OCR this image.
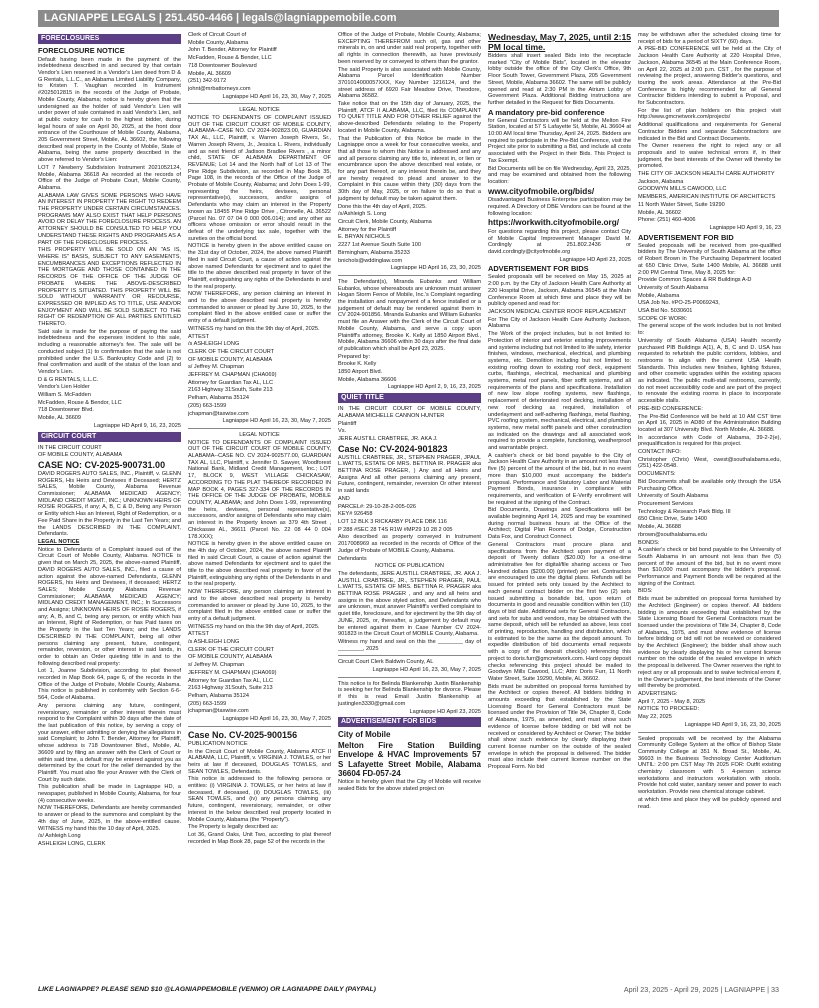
LAGNIAPPE LEGALS | 251.450-4466 | legals@lagniappemobile.com
FORECLOSURES

FORECLOSURE NOTICE

Default having been made in the payment of the indebtedness described in and secured by that certain Vendor's Lien reserved in a Vendor's Lien deed from D & G Rentals, L.L.C., an Alabama Limited Liability Company, to Kristen T. Vaughan recorded in Instrument #2025012815 in the records of the Judge of Probate, Mobile County, Alabama; notice is hereby given that the undersigned as the holder of said Vendor's Lien will under power of sale contained in said Vendor's Lien, sell at public outcry for cash to the highest bidder, during legal hours of sale on April 30, 2025, at the front door entrance of the Courthouse of Mobile County, Alabama, 205 Government Street, Mobile, AL 36602, the following described real property in the County of Mobile, State of Alabama, being the same property described in the above referred to Vendor's Lien:

LOT 7 Newberry Subdivision Instrument 2021052124, Mobile, Alabama 36618 As recorded at the records of Office of the Judge of Probate Court, Mobile County, Alabama.

ALABAMA LAW GIVES SOME PERSONS WHO HAVE AN INTEREST IN PROPERTY THE RIGHT TO REDEEM THE PROPERTY UNDER CERTAIN CIRCUMSTANCES. PROGRAMS MAY ALSO EXIST THAT HELP PERSONS AVOID OR DELAY THE FORECLOSURE PROCESS. AN ATTORNEY SHOULD BE CONSULTED TO HELP YOU UNDERSTAND THESE RIGHTS AND PROGRAMS AS A PART OF THE FORECLOSURE PROCESS.

THIS PROPERTY WILL BE SOLD ON AN "AS IS, WHERE IS" BASIS, SUBJECT TO ANY EASEMENTS, ENCUMBRANCES AND EXCEPTIONS REFLECTED IN THE MORTGAGE AND THOSE CONTAINED IN THE RECORDS OF THE OFFICE OF THE JUDGE OF PROBATE WHERE THE ABOVE-DESCRIBED PROPERTY IS SITUATED. THIS PROPERTY WILL BE SOLD WITHOUT WARRANTY OR RECOURSE, EXPRESSED OR IMPLIED AS TO TITLE, USE AND/OR ENJOYMENT AND WILL BE SOLD SUBJECT TO THE RIGHT OF REDEMPTION OF ALL PARTIES ENTITLED THERETO.

Said sale is made for the purpose of paying the said indebtedness and the expenses incident to this sale, including a reasonable attorney's fee. The sale will be conducted subject (1) to confirmation that the sale is not prohibited under the U.S. Bankruptcy Code and (2) to final confirmation and audit of the status of the loan and Vendor's Lien.

D & G RENTALS, L.L.C.

Vendor's Lien Holder

William S. McFadden

McFadden, Rouse & Bendor, LLC

718 Downtowner Blvd.

Mobile, AL 36609

Lagniappe HD April 9, 16, 23, 2025

CIRCUIT COURT

IN THE CIRCUIT COURT

OF MOBILE COUNTY, ALABAMA

CASE NO: CV-2025-900731.00

DAVID ROGERS AUTO SALES, INC., Plaintiff, v. GLENN ROGERS, His Heirs and Devisees if Deceased; HERTZ SALES, Mobile County, Alabama Revenue Commissioner; ALABAMA MEDICAID AGENCY; MIDLAND CREDIT MGMT., INC.; UNKNOWN HEIRS OF ROSIE ROGERS, if any; A, B, C & D, Being any Person or Entity which Has an Interest, Right of Redemption, or a Fee Paid Share in the Property in the Last Ten Years; and the LANDS DESCRIBED IN THE COMPLAINT, Defendants.

LEGAL NOTICE

Notice to Defendants of a Complaint issued out of the Circuit Court of Mobile County, Alabama. NOTICE is given that on March 25, 2025, the above-named Plaintiff, DAVID ROGERS AUTO SALES, INC., filed a cause of action against the above-named Defendants, GLENN ROGERS, his Heirs and Devisees, if deceased; HERTZ SALES; Mobile County Alabama Revenue Commissioner; ALABAMA MEDICAID AGENCY; MIDLAND CREDIT MANAGEMENT, INC.; In Successors and Assigns; UNKNOWN HEIRS OF ROSIE ROGERS, if any; A, B, and C, being any person, or entity which has an Interest, Right of Redemption, or has Paid taxes on the Property in the last Ten Years; and the LANDS DESCRIBED IN THE COMPLAINT, being all other persons claiming any present, future, contingent, remainder, reversion, or other interest in said lands, in order to obtain an Order quieting title in and to the following described real property:

Lot 1, Joanne Subdivision, according to plat thereof recorded in Map Book 64, page 6, of the records in the Office of the Judge of Probate, Mobile County, Alabama. This notice is published in conformity with Section 6-6-564, Code of Alabama.

Any persons claiming any future, contingent, reversionary, remainder or other interest therein must respond to the Complaint within 30 days after the date of the last publication of this notice, by serving a copy of your answer, either admitting or denying the allegations in said Complaint; to John T. Bender, Attorney for Plaintiff, whose address is 718 Downtowner Blvd., Mobile, AL 36609 and by filing an answer with the Clerk of Court or within said time, a default may be entered against you as determined by the court for the relief demanded by the Plaintiff. You must also file your Answer with the Clerk of Court by such date.

This publication shall be made in Lagniappe HD, a newspaper, published in Mobile County, Alabama, for four (4) consecutive weeks.

NOW THEREFORE, Defendants are hereby commanded to answer or plead to the summons and complaint by the 4th day of June, 2025, in the above-entitled cause. WITNESS my hand this the 10 day of April, 2025.

/s/ Ashleigh Long

ASHLEIGH LONG, CLERK

Clerk of Circuit Court of

Mobile County, Alabama

John T. Bender, Attorney for Plaintiff

McFadden, Rouse & Bender, LLC

718 Downtowner Boulevard

Mobile, AL 36609

(251) 342-9172

johnt@mrbattorneys.com

Lagniappe HD April 16, 23, 30, May 7, 2025

LEGAL NOTICE

NOTICE TO DEFENDANTS OF COMPLAINT ISSUED OUT OF THE CIRCUIT COURT OF MOBILE COUNTY, ALABAMA--CASE NO. CV 2024-902823.00, GUARDIAN TAX AL, LLC, Plaintiff, v. Warren Joseph Rivers, Sr., Warren Joseph Rivers, Jr., Jessica L. Rivers, individually and as next friend of Jadison Bradlee Rivers , a minor child, STATE OF ALABAMA DEPARTMENT OF REVENUE; Lot 14 and the North half of Lot 13 of The Pine Ridge Subdivision, as recorded in Map Book 35, Page 108, in the records of the Office of the Judge of Probate of Mobile County, Alabama; and John Does 1-99, representing the heirs, devisees, personal representative(s), successors, and/or assigns of Defendants who may claim an interest in the Property known as 18455 Pine Ridge Drive , Citronelle, AL 36522 (Parcel No. 07 07 04 0 000 006.014); and any other as officers whose omission or error should result in the defeat of the underlying tax sale, together with the sureties on the official bond.

NOTICE is hereby given in the above entitled cause on the 31st day of October, 2024, the above named Plaintiff filed in said Circuit Court, a cause of action against the above named Defendants for ejectment and to quiet the title to the above described real property in favor of the Plaintiff, extinguishing any rights of the Defendants in and to the real property.

NOW THEREFORE, any person claiming an interest in and to the above described real property is hereby commanded to answer or plead by June 10, 2025, to the complaint filed in the above entitled case or suffer the entry of a default judgment.

WITNESS my hand on this the 9th day of April, 2025.

ATTEST

/s ASHLEIGH LONG

CLERK OF THE CIRCUIT COURT

OF MOBILE COUNTY, ALABAMA

s/ Jeffrey M. Chapman

JEFFREY M. CHAPMAN (CHA069)

Attorney for Guardian Tax AL, LLC

2163 Highway 31South, Suite 213

Pelham, Alabama 35124

(205) 663-1599

jchapman@taxwise.com

Lagniappe HD April 16, 23, 30, May 7, 2025

LEGAL NOTICE

NOTICE TO DEFENDANTS OF COMPLAINT ISSUED OUT OF THE CIRCUIT COURT OF MOBILE COUNTY, ALABAMA--CASE NO. CV 2024-902577.00, GUARDIAN TAX AL, LLC, Plaintiff, v. Jennifer D. Sawyer, Woodforest National Bank, Midland Credit Management, Inc.; LOT 17, BLOCK 9, WEST VILLAGE CHICKASAW, ACCORDING TO THE PLAT THEREOF RECORDED IN MAP BOOK 4, PAGES 327-334 OF THE RECORDS IN THE OFFICE OF THE JUDGE OF PROBATE, MOBILE COUNTY, ALABAMA; and John Does 1-99, representing the heirs, devisees, personal representative(s), successors, and/or assigns of Defendants who may claim an interest in the Property known as 379 4th Street , Chickasaw AL, 36611 (Parcel No. 22 08 44 0 004 178.XXX);

NOTICE is hereby given in the above entitled cause on the 4th day of October, 2024, the above named Plaintiff filed in said Circuit Court, a cause of action against the above named Defendants for ejectment and to quiet the title to the above described real property in favor of the Plaintiff, extinguishing any rights of the Defendants in and to the real property.

NOW THEREFORE, any person claiming an interest in and to the above described real property is hereby commanded to answer or plead by June 10, 2025, to the complaint filed in the above entitled case or suffer the entry of a default judgment.

WITNESS my hand on this the 9th day of April, 2025.

ATTEST

/s ASHLEIGH LONG

CLERK OF THE CIRCUIT COURT

OF MOBILE COUNTY, ALABAMA

s/ Jeffrey M. Chapman

JEFFREY M. CHAPMAN (CHA069)

Attorney for Guardian Tax AL, LLC

2163 Highway 31South, Suite 213

Pelham, Alabama 35124

(205) 663-1599

jchapman@taxwise.com

Lagniappe HD April 16, 23, 30, May 7, 2025

Case No. CV-2025-900156

PUBLICATION NOTICE

In the Circuit Court of Mobile County, Alabama ATCF II ALABAMA, LLC, Plaintiff, v. VIRGINIA J. TOWLES, or her heirs at law if deceased, DOUGLAS TOWLES, and SEAN TOWLES, Defendants.

This notice is addressed to the following persons or entities: (i) VIRGINIA J. TOWLES, or her heirs at law if deceased, if deceased, (ii) DOUGLAS TOWLES, (iii) SEAN TOWLES, and (iv) any persons claiming any future, contingent, reversionary, remainder, or other interest in the below described real property located in Mobile County, Alabama (the "Property").

The Property is legally described as:

Lot 36, Grand Oaks, Unit Two, according to plat thereof recorded in Map Book 28, page 52 of the records in the

Office of the Judge of Probate, Mobile County, Alabama; EXCEPTING THEREFROM such oil, gas and other minerals in, on and under said real property, together with all rights in connection therewith, as have previously been reserved by or conveyed to others than the grantor.

The said Property is also associated with Mobile County, Alabama Parcel Identification Number 3701014000057XXX, Key Number 1216124, and the street address of 6920 Fair Meadow Drive, Theodore, Alabama 36582.

Take notice that on the 15th day of January, 2025, the Plaintiff, ATCF II ALABAMA, LLC, filed its COMPLAINT TO QUIET TITLE AND FOR OTHER RELIEF against the above-described Defendants relating to the Property located in Mobile County, Alabama.

That the Publication of this Notice be made in the Lagniappe once a week for four consecutive weeks, and that all those to whom this Notice is addressed and any and all persons claiming any title to, interest in, or lien or encumbrance upon the above described real estate, or for any part thereof, or any interest therein be, and they are hereby required to plead and answer to the Complaint in this cause within thirty (30) days from the 30th day of May, 2025, or on failure to do so that a judgment by default may be taken against them.

Done this the 4th day of April, 2025.

/s/Ashleigh S. Long

Circuit Clerk, Mobile County, Alabama

Attorney for the Plaintiff

E. BRYAN NICHOLS

2227 1st Avenue South Suite 100

Birmingham, Alabama 35233

bnichols@wddinglaw.com

Lagniappe HD April 16, 23, 30, 2025

The Defendant(s), Miranda Eubanks and William Eubanks, whose whereabouts are unknown must answer Hogan Storm Fence of Mobile, Inc.'s Complaint regarding the installation and nonpayment of a fence installed or a judgement of default may be rendered against them in CV 2024-901856. Miranda Eubanks and William Eubanks must file an Answer with the Clerk of the Circuit Court of Mobile County, Alabama, and serve a copy upon Plaintiff's attorney, Brooke K. Kelly at 1850 Airport Blvd., Mobile, Alabama 36606 within 30 days after the final date of publication which shall be April 23, 2025.

Prepared by:

Brooke K. Kelly

1850 Airport Blvd.

Mobile, Alabama 36606

Lagniappe HD April 2, 9, 16, 23, 2025

QUIET TITLE

IN THE CIRCUIT COURT OF MOBILE COUNTY, ALABAMA MICHELLE CANNON HUNTER

Plaintiff

Vs.

JERE AUSTILL CRABTREE, JR. AKA J.

Case No: CV-2024-901823

AUSTILL CRABTREE, JR., STEPHEN PRAGER, JPAUL L.WATTS, ESTATE OF MRS. BETTINA IR. PRAGER aka BETTINA ROSE PRAGER, ) Any and all Heirs and Assigns And all other persons claiming any present, Future, contingent, remainder, reversion Or other interest in said lands

AND

PARCEL#: 29-10-28-2-005-026

KEY# 926458

LOT 12 BLK 3 RICKARBY PLACE DBK 116

P 288 #SEC 28 T4S R1W #MP29 10 28 2 005

Also described as property conveyed in Instrument 2017008969 as recorded in the records of Office of the Judge of Probate of MOBILE County, Alabama.

Defendants

NOTICE OF PUBLICATION

The defendants, JERE AUSTILL CRABTREE, JR. AKA J. AUSTILL CRABTREE, JR., STEPHEN PRAGER, PAUL L.WATTS, ESTATE OF MRS. BETTINA R. PRAGER aka BETTINA ROSE PRAGER , and any and all heirs and assigns in the above styled action, and Defendants who are unknown, must answer Plaintiff's verified complaint to quiet title, foreclosure, and for ejectment by the 9th day of JUNE, 2025, or, thereafter, a judgement by default may be entered against them in Case Number CV 2024-901823 in the Circuit Court of MOBILE County, Alabama.

Witness my hand and seal on this the ________ day of ________, 2025

Circuit Court Clerk Baldwin County, AL

Lagniappe HD April 16, 23, 30, May 7, 2025

This notice is for Belinda Blankenship Justin Blankenship is seeking her for Belinda Blankenship for divorce. Please if this is read Email Justin Blankenship at justinglen3330@gmail.com

Lagniappe HD April 23, 2025

ADVERTISEMENT FOR BIDS

City of Mobile

Melton Fire Station Building Envelope & HVAC Improvements 57 S Lafayette Street Mobile, Alabama 36604 FD-057-24

Notice is hereby given that the City of Mobile will receive sealed Bids for the above stated project on

Wednesday, May 7, 2025, until 2:15 PM local time.

Bidders shall insert sealed Bids into the receptacle marked "City of Mobile Bids", located in the elevator lobby outside the office of the City Clerk's Office, 9th Floor South Tower, Government Plaza, 205 Government Street, Mobile, Alabama 36602. The same will be publicly opened and read at 2:30 PM in the Atrium Lobby of Government Plaza. Additional Bidding instructions are further detailed in the Request for Bids Documents.

A mandatory pre-bid conference

for General Contractors will be held at the Melton Fire Station, located at 57 S Lafayette St, Mobile, AL 36604 at 10:00 AM local time Thursday, April 24, 2025. Bidders are required to participate in the Pre-Bid Conference, visit the Project site prior to submitting a Bid, and include all costs associated with the Project in their Bids. This Project is Tax Exempt.

Bid Documents will be on file Wednesday, April 23, 2025, and may be examined and obtained from the following location:

www.cityofmobile.org/bids/

Disadvantaged Business Enterprise participation may be required. A Directory of DBE Vendors can be found at the following location:

https://workwith.cityofmobile.org/

For questions regarding this project, please contact City of Mobile Capital Improvement Manager David M. Cordingly at 251.802.2436 or david.cordingly@cityofmobile.org

Lagniappe HD April 23, 2025

ADVERTISEMENT FOR BIDS

Sealed proposals will be received on May 15, 2025 at 2:00 p.m. by the City of Jackson Health Care Authority at 220 Hospital Drive, Jackson, Alabama 36545 at the Main Conference Room at which time and place they will be publicly opened and read for:

JACKSON MEDICAL CENTER ROOF REPLACEMENT

For The City of Jackson Health Care Authority Jackson, Alabama

The Work of the project includes, but is not limited to: Protection of interior and exterior existing improvements and systems including but not limited to life safety, interior finishes, windows, mechanical, electrical, and plumbing systems, etc. Demolition including but not limited to: existing roofing down to existing roof deck, equipment curbs, flashings, electrical, mechanical and plumbing systems, metal roof panels, fiber soffit systems, and all requirements of the plans and specifications. Installation of new low slope roofing systems, new flashings, replacement of deteriorated roof decking, installation of new roof decking as required, installation of underlayment and self-adhering flashings, metal flashing, PVC roofing system, mechanical, electrical, and plumbing systems, new metal soffit panels and other construction as indicated on the drawings and all associated work required to provide a complete, functioning, weatherproof and warrantable project.

A cashier's check or bid bond payable to the City of Jackson Health Care Authority in an amount not less than five (5) percent of the amount of the bid, but in no event more than $10,000 must accompany the bidder's proposal. Performance and Statutory Labor and Material Payment Bonds, insurance in compliance with requirements, and verification of E-Verify enrollment will be required at the signing of the Contract.

Bid Documents, Drawings and Specifications will be available beginning April 14, 2025 and may be examined during normal business hours at the Office of the Architect; Digital Plan Rooms of Dodge, Construction Data Fox, and Construct Connect.

General Contractors must procure plans and specifications from the Architect upon payment of a deposit of Twenty dollars ($20.00) for a one-time administrative fee for digital/file sharing access or Two Hundred dollars ($200.00) (printed) per set. Contractors are encouraged to use the digital plans. Refunds will be issued for printed sets only issued by the Architect to each general contract bidder on the first two (2) sets issued submitting a bonafide bid, upon return of documents in good and reusable condition within ten (10) days of bid date. Additional sets for General Contractors, and sets for subs and vendors, may be obtained with the same deposit, which will be refunded as above, less cost of printing, reproduction, handling and distribution, which is estimated to be the same as the deposit amount. To expedite distribution of bid documents email requests with a copy of the deposit check(s) referencing this project to doris.furr@gmcnetwork.com. Hard copy deposit checks referencing this project should be mailed to Goodwyn Mills Cawood, LLC; Attn: Doris Furr, 11 North Water Street, Suite 19290, Mobile, AL 36602.

Bids must be submitted on proposal forms furnished by the Architect or copies thereof. All bidders bidding in amounts exceeding that established by the State Licensing Board for General Contractors must be licensed under the Provision of Title 34, Chapter 8, Code of Alabama, 1975, as amended, and must show such evidence of license before bidding or bid will not be received or considered by Architect or Owner; The bidder shall show such evidence by clearly displaying their current license number on the outside of the sealed envelope in which the proposal is delivered. The bidder must also include their current license number on the Proposal Form. No bid

may be withdrawn after the scheduled closing time for receipt of bids for a period of SIXTY (60) days.

A PRE-BID CONFERENCE will be held at the City of Jackson Health Care Authority at 220 Hospital Drive, Jackson, Alabama 36545 at the Main Conference Room, on April 22, 2025 at 2:00 p.m. CST , for the purpose of reviewing the project, answering Bidder's questions, and touring the work areas. Attendance at the Pre-Bid Conference is highly recommended for all General Contractor Bidders intending to submit a Proposal, and for Subcontractors.

For the list of plan holders on this project visit http://www.gmcnetwork.com/projects/

Additional qualifications and requirements for General Contractor Bidders and separate Subcontractors are indicated in the Bid and Contract Documents.

The Owner reserves the right to reject any or all proposals and to waive technical errors if, in their judgment, the best interests of the Owner will thereby be promoted.

THE CITY OF JACKSON HEALTH CARE AUTHORITY

Jackson, Alabama

GOODWYN MILLS CAWOOD, LLC

MEMBERS, AMERICAN INSTITUTE OF ARCHITECTS

11 North Water Street, Suite 19290

Mobile, AL 36602

Phone: (251) 460-4006

Lagniappe HD April 9, 16, 23

ADVERTISEMENT FOR BID

Sealed proposals will be received from pre-qualified bidders by The University of South Alabama at the office of Robert Brown in The Purchasing Department located at 650 Clinic Drive, Suite 1400 Mobile, AL 36688 until 2:00 PM Central Time, May 8, 2025 for:

Provide Common Spaces & RR Buildings A-D

University of South Alabama

Mobile, Alabama

USA Job No. #PO-25-P0069243,

USA Bid No. 5030601

SCOPE OF WORK:

The general scope of the work includes but is not limited to:

University of South Alabama (USA) Health recently purchased PIB Buildings A(1), A, B, C and D. USA has requested to refurbish the public corridors, lobbies, and restrooms to align with the current USA Health Standards. This includes new finishes, lighting fixtures, and other cosmetic upgrades within the existing spaces as indicated. The public multi-stall restrooms, currently, do not meet accessibility code and are part of the project to renovate the existing rooms in place to incorporate accessible stalls.

PRE-BID CONFERENCE:

The Pre-Bid Conference will be held at 10 AM CST time on April 16, 2025 in AD80 of the Administration Building located at 307 University Blvd. North Mobile, AL 36688.

In accordance with Code of Alabama, 39-2-2(e), prequalification is required for this project.

CONTACT INFO:

Christopher (Chris) West, cwest@southalabama.edu, (251) 422-0548.

DOCUMENTS:

Bid Documents shall be available only through the USA Purchasing Office.

University of South Alabama

Procurement Services

Technology & Research Park Bldg. III

650 Clinic Drive, Suite 1400

Mobile, AL 36688

rbrown@southalabama.edu

BONDS:

A cashier's check or bid bond payable to the University of South Alabama in an amount not less than five (5) percent of the amount of the bid, but in no event more than $10,000 must accompany the bidder's proposal. Performance and Payment Bonds will be required at the signing of the Contract.

BIDS:

Bids must be submitted on proposal forms furnished by the Architect (Engineer) or copies thereof. All bidders bidding in amounts exceeding that established by the State Licensing Board for General Contractors must be licensed under the provisions of Title 34, Chapter 8, Code of Alabama, 1975, and must show evidence of license before bidding or bid will not be received or considered by the Architect (Engineer); the bidder shall show such evidence by clearly displaying his or her current license number on the outside of the sealed envelope in which the proposal is delivered. The Owner reserves the right to reject any or all proposals and to waive technical errors if, in the Owner's judgement, the best interests of the Owner will thereby be promoted.

ADVERTISING:

April 7, 2025 - May 8, 2025

NOTICE TO PROCEED:

May 22, 2025

Lagniappe HD April 9, 16, 23, 30, 2025

Sealed proposals will be received by the Alabama Community College System at the office of Bishop State Community College at 351 N. Broad St., Mobile, AL 36603 in the Business Technology Center Auditorium UNTIL: 2:00 pm CST May 7th 2025 FOR: Outfit existing chemistry classroom with 5 4-person science workstations and instructors workstation with stools. Provide hot cold water, sanitary sewer and power to each workstation. Provide new chemical storage cabinet.

at which time and place they will be publicly opened and read.

LIKE LAGNIAPPE? PLEASE SEND $10 @LAGNIAPPEMOBILE (VENMO) OR LAGNIAPPE DAILY (PAYPAL)	April 23, 2025 - April 29, 2025 | LAGNIAPPE | 33
